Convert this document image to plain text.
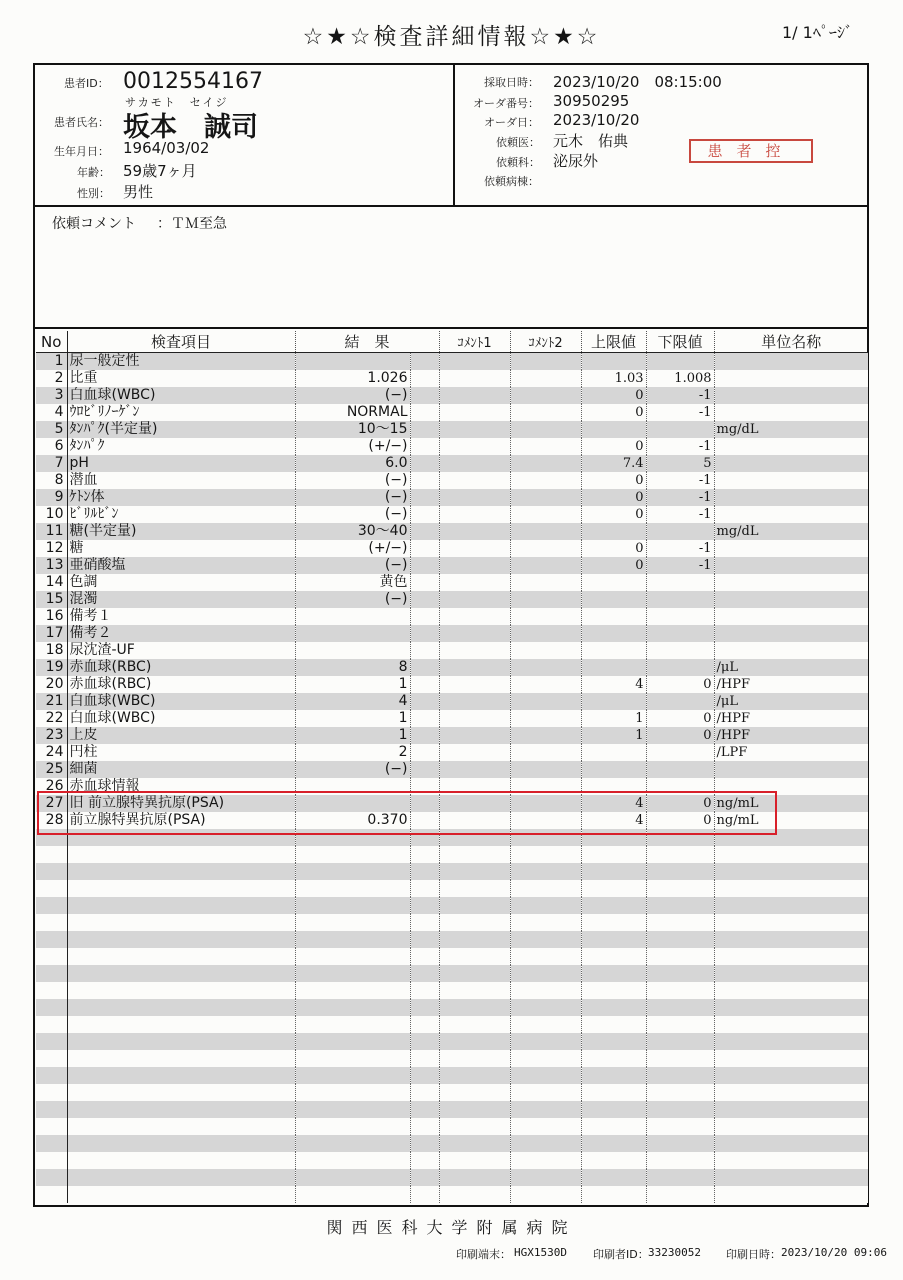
☆★☆検査詳細情報☆★☆	1/ 1ﾍﾟｰｼﾞ
患者ID： 0012554167
サカモト　セイジ
患者氏名： 坂本　誠司
生年月日： 1964/03/02
年齢： 59歳7ヶ月
性別： 男性
採取日時： 2023/10/20　08:15:00
オーダ番号： 30950295
オーダ日： 2023/10/20
依頼医： 元木　佑典
依頼科： 泌尿外
依頼病棟：
患者控
依頼コメント ：ＴＭ至急
No	検査項目	結　果		ｺﾒﾝﾄ1	ｺﾒﾝﾄ2	上限値	下限値	単位名称
1	尿一般定性							
2	比重	1.026				1.03	1.008	
3	白血球(WBC)	(−)				0	-1	
4	ｳﾛﾋﾞﾘﾉｰｹﾞﾝ	NORMAL				0	-1	
5	ﾀﾝﾊﾟｸ(半定量)	10〜15						mg/dL
6	ﾀﾝﾊﾟｸ	(+/−)				0	-1	
7	pH	6.0				7.4	5	
8	潜血	(−)				0	-1	
9	ｹﾄﾝ体	(−)				0	-1	
10	ﾋﾞﾘﾙﾋﾞﾝ	(−)				0	-1	
11	糖(半定量)	30〜40						mg/dL
12	糖	(+/−)				0	-1	
13	亜硝酸塩	(−)				0	-1	
14	色調	黄色						
15	混濁	(−)						
16	備考１							
17	備考２							
18	尿沈渣-UF							
19	赤血球(RBC)	8						/μL
20	赤血球(RBC)	1				4	0	/HPF
21	白血球(WBC)	4						/μL
22	白血球(WBC)	1				1	0	/HPF
23	上皮	1				1	0	/HPF
24	円柱	2						/LPF
25	細菌	(−)						
26	赤血球情報							
27	旧 前立腺特異抗原(PSA)					4	0	ng/mL
28	前立腺特異抗原(PSA)	0.370				4	0	ng/mL

関西医科大学附属病院
印刷端末： HGX1530D 印刷者ID： 33230052 印刷日時： 2023/10/20 09:06
